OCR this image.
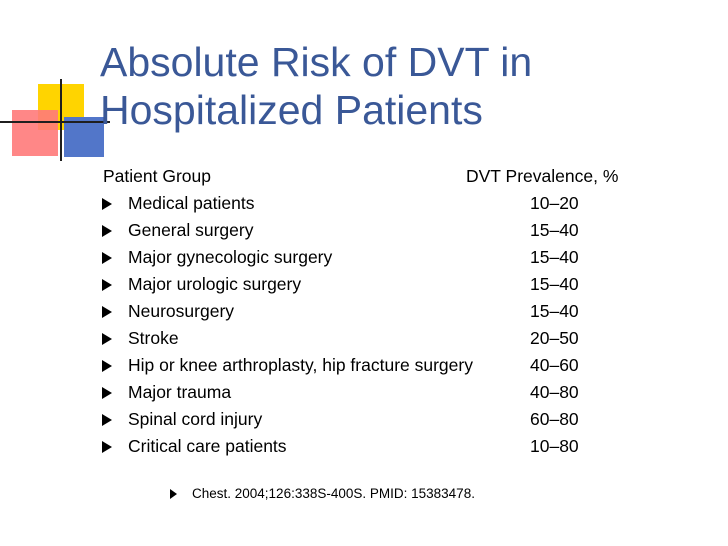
Absolute Risk of DVT in
Hospitalized Patients
Patient Group	DVT Prevalence, %
Medical patients	10–20
General surgery	15–40
Major gynecologic surgery	15–40
Major urologic surgery	15–40
Neurosurgery	15–40
Stroke	20–50
Hip or knee arthroplasty, hip fracture surgery	40–60
Major trauma	40–80
Spinal cord injury	60–80
Critical care patients	10–80
Chest. 2004;126:338S-400S. PMID: 15383478.
